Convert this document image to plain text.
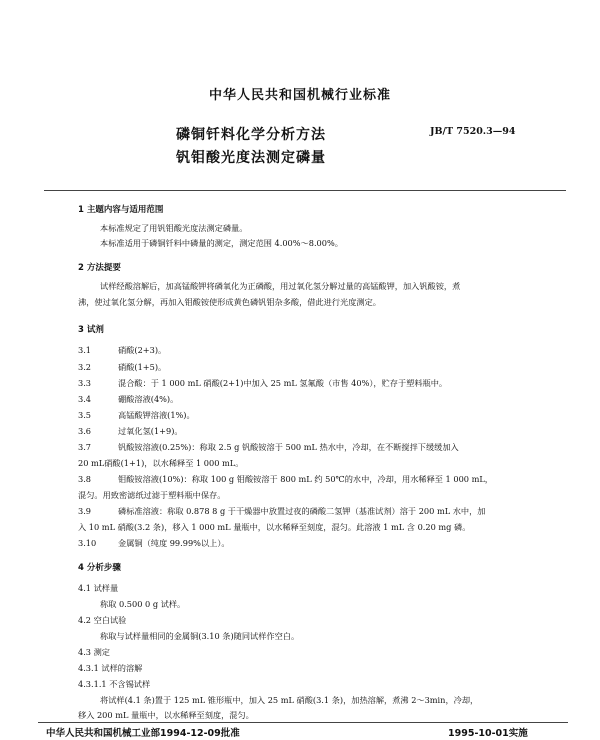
中华人民共和国机械行业标准
磷铜钎料化学分析方法
钒钼酸光度法测定磷量
JB/T 7520.3—94
1 主题内容与适用范围
本标准规定了用钒钼酸光度法测定磷量。
本标准适用于磷铜钎料中磷量的测定，测定范围 4.00%～8.00%。
2 方法提要
试样经酸溶解后，加高锰酸钾将磷氧化为正磷酸，用过氧化氢分解过量的高锰酸钾，加入钒酸铵，煮
沸，使过氧化氢分解，再加入钼酸铵使形成黄色磷钒钼杂多酸，借此进行光度测定。
3 试剂
3.1	硝酸(2+3)。
3.2	硝酸(1+5)。
3.3	混合酸：于 1 000 mL 硝酸(2+1)中加入 25 mL 氢氟酸（市售 40%），贮存于塑料瓶中。
3.4	硼酸溶液(4%)。
3.5	高锰酸钾溶液(1%)。
3.6	过氧化氢(1+9)。
3.7	钒酸铵溶液(0.25%)：称取 2.5 g 钒酸铵溶于 500 mL 热水中，冷却，在不断搅拌下缓缓加入
20 mL硝酸(1+1)，以水稀释至 1 000 mL。
3.8	钼酸铵溶液(10%)：称取 100 g 钼酸铵溶于 800 mL 约 50℃的水中，冷却，用水稀释至 1 000 mL，
混匀。用致密滤纸过滤于塑料瓶中保存。
3.9	磷标准溶液：称取 0.878 8 g 于干燥器中放置过夜的磷酸二氢钾（基准试剂）溶于 200 mL 水中，加
入 10 mL 硝酸(3.2 条)，移入 1 000 mL 量瓶中，以水稀释至刻度，混匀。此溶液 1 mL 含 0.20 mg 磷。
3.10	金属铜（纯度 99.99%以上）。
4 分析步骤
4.1 试样量
称取 0.500 0 g 试样。
4.2 空白试验
称取与试样量相同的金属铜(3.10 条)随同试样作空白。
4.3 测定
4.3.1 试样的溶解
4.3.1.1 不含锡试样
将试样(4.1 条)置于 125 mL 锥形瓶中，加入 25 mL 硝酸(3.1 条)，加热溶解，煮沸 2～3min，冷却，
移入 200 mL 量瓶中，以水稀释至刻度，混匀。
中华人民共和国机械工业部1994-12-09批准	1995-10-01实施
